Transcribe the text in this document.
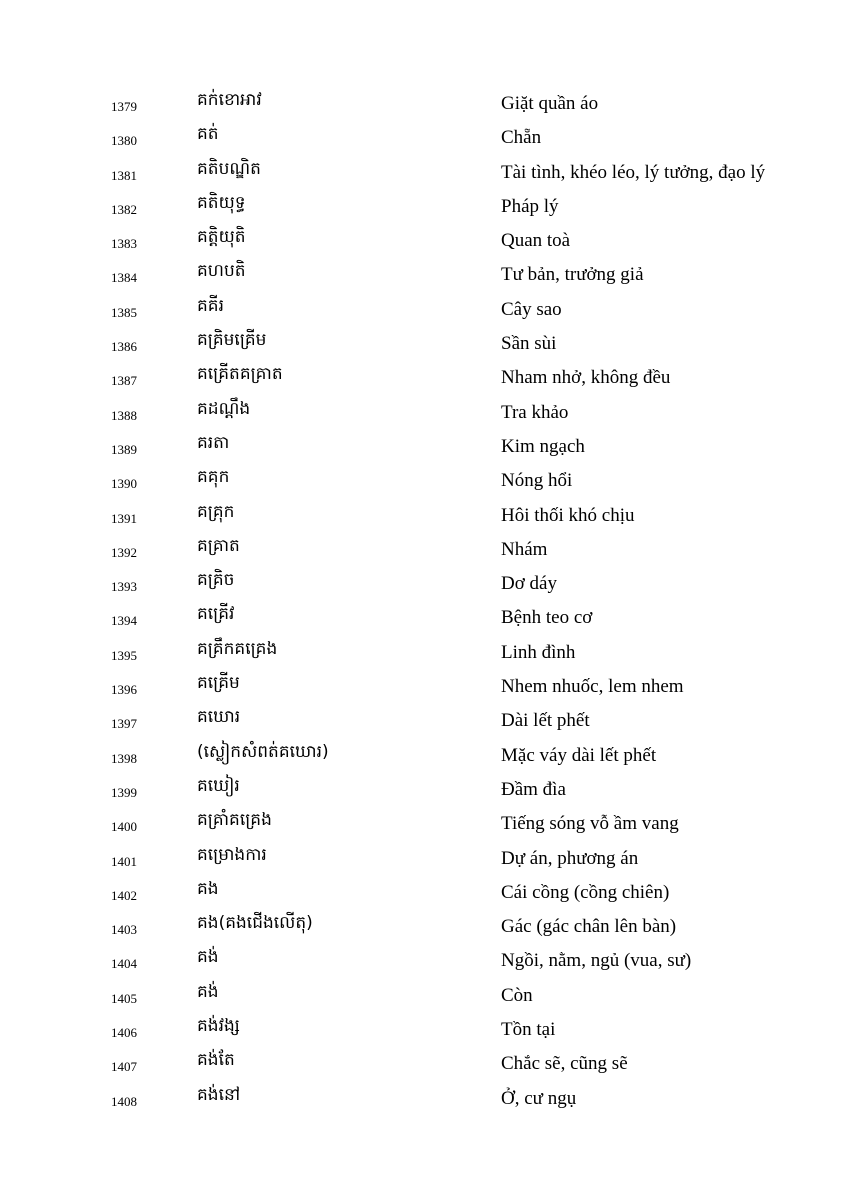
1379	គក់ខោអាវ	Giặt quần áo
1380	គត់	Chẵn
1381	គតិបណ្ឌិត	Tài tình, khéo léo, lý tưởng, đạo lý
1382	គតិយុទ្ធ	Pháp lý
1383	គត្តិយុតិ	Quan toà
1384	គហបតិ	Tư bản, trưởng giả
1385	គគីរ	Cây sao
1386	គគ្រិមគ្រើម	Sần sùi
1387	គគ្រើតគគ្រាត	Nham nhở, không đều
1388	គដណ្ដឹង	Tra khảo
1389	គរតា	Kim ngạch
1390	គគុក	Nóng hổi
1391	គគ្រុក	Hôi thối khó chịu
1392	គគ្រាត	Nhám
1393	គគ្រិច	Dơ dáy
1394	គគ្រើវ	Bệnh teo cơ
1395	គគ្រឹកគគ្រេង	Linh đình
1396	គគ្រើម	Nhem nhuốc, lem nhem
1397	គឃោរ	Dài lết phết
1398	(ស្លៀកសំពត់គឃោរ)	Mặc váy dài lết phết
1399	គឃៀរ	Đầm đìa
1400	គគ្រាំគគ្រេង	Tiếng sóng vỗ ầm vang
1401	គម្រោងការ	Dự án, phương án
1402	គង	Cái cồng (cồng chiên)
1403	គង(គងជើងលើតុ)	Gác (gác chân lên bàn)
1404	គង់	Ngồi, nằm, ngủ (vua, sư)
1405	គង់	Còn
1406	គង់វង្ស	Tồn tại
1407	គង់តែ	Chắc sẽ, cũng sẽ
1408	គង់នៅ	Ở, cư ngụ
